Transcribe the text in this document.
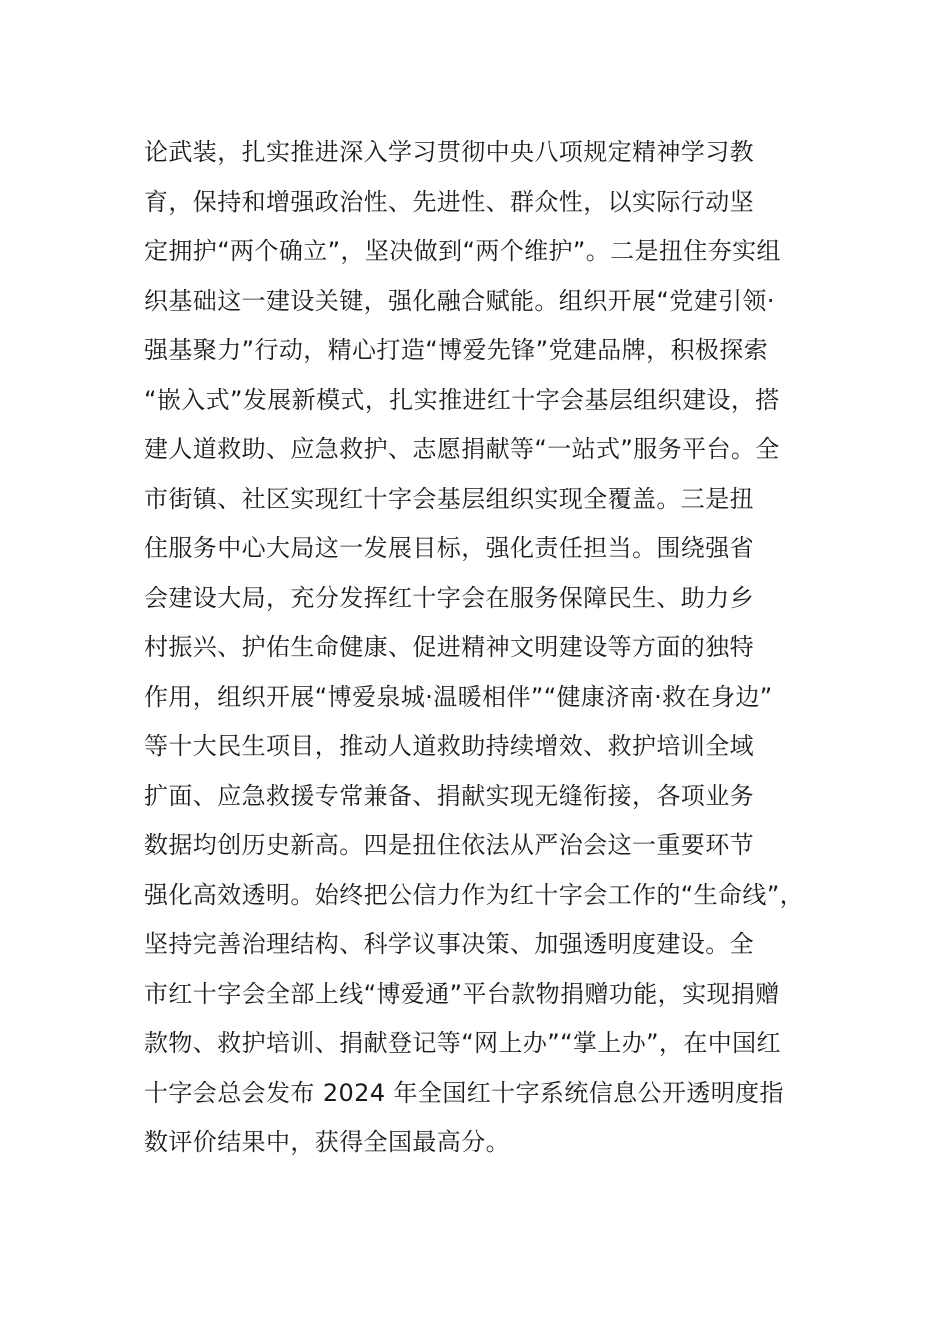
论武装，扎实推进深入学习贯彻中央八项规定精神学习教
育，保持和增强政治性、先进性、群众性，以实际行动坚
定拥护“两个确立”，坚决做到“两个维护”。二是扭住夯实组
织基础这一建设关键，强化融合赋能。组织开展“党建引领·
强基聚力”行动，精心打造“博爱先锋”党建品牌，积极探索
“嵌入式”发展新模式，扎实推进红十字会基层组织建设，搭
建人道救助、应急救护、志愿捐献等“一站式”服务平台。全
市街镇、社区实现红十字会基层组织实现全覆盖。三是扭
住服务中心大局这一发展目标，强化责任担当。围绕强省
会建设大局，充分发挥红十字会在服务保障民生、助力乡
村振兴、护佑生命健康、促进精神文明建设等方面的独特
作用，组织开展“博爱泉城·温暖相伴”“健康济南·救在身边”
等十大民生项目，推动人道救助持续增效、救护培训全域
扩面、应急救援专常兼备、捐献实现无缝衔接，各项业务
数据均创历史新高。四是扭住依法从严治会这一重要环节
强化高效透明。始终把公信力作为红十字会工作的“生命线”，
坚持完善治理结构、科学议事决策、加强透明度建设。全
市红十字会全部上线“博爱通”平台款物捐赠功能，实现捐赠
款物、救护培训、捐献登记等“网上办”“掌上办”，在中国红
十字会总会发布 2024 年全国红十字系统信息公开透明度指
数评价结果中，获得全国最高分。
